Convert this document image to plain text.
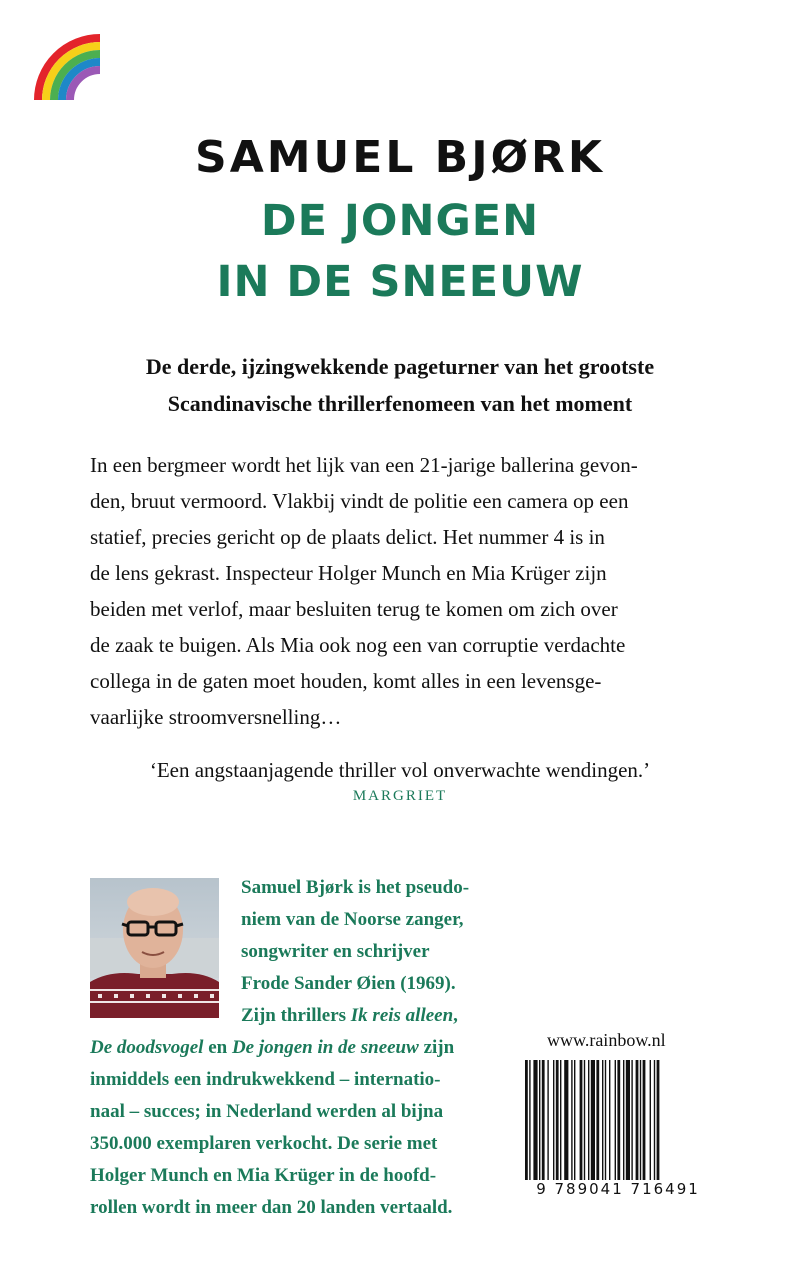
SAMUEL BJØRK
DE JONGEN
IN DE SNEEUW
De derde, ijzingwekkende pageturner van het grootste
Scandinavische thrillerfenomeen van het moment
In een bergmeer wordt het lijk van een 21-jarige ballerina gevon-
den, bruut vermoord. Vlakbij vindt de politie een camera op een
statief, precies gericht op de plaats delict. Het nummer 4 is in
de lens gekrast. Inspecteur Holger Munch en Mia Krüger zijn
beiden met verlof, maar besluiten terug te komen om zich over
de zaak te buigen. Als Mia ook nog een van corruptie verdachte
collega in de gaten moet houden, komt alles in een levensge-
vaarlijke stroomversnelling…
‘Een angstaanjagende thriller vol onverwachte wendingen.’
MARGRIET
Samuel Bjørk is het pseudo-
niem van de Noorse zanger,
songwriter en schrijver
Frode Sander Øien (1969).
Zijn thrillers Ik reis alleen,
De doodsvogel en De jongen in de sneeuw zijn
inmiddels een indrukwekkend – internatio-
naal – succes; in Nederland werden al bijna
350.000 exemplaren verkocht. De serie met
Holger Munch en Mia Krüger in de hoofd-
rollen wordt in meer dan 20 landen vertaald.
www.rainbow.nl
9 789041 716491
